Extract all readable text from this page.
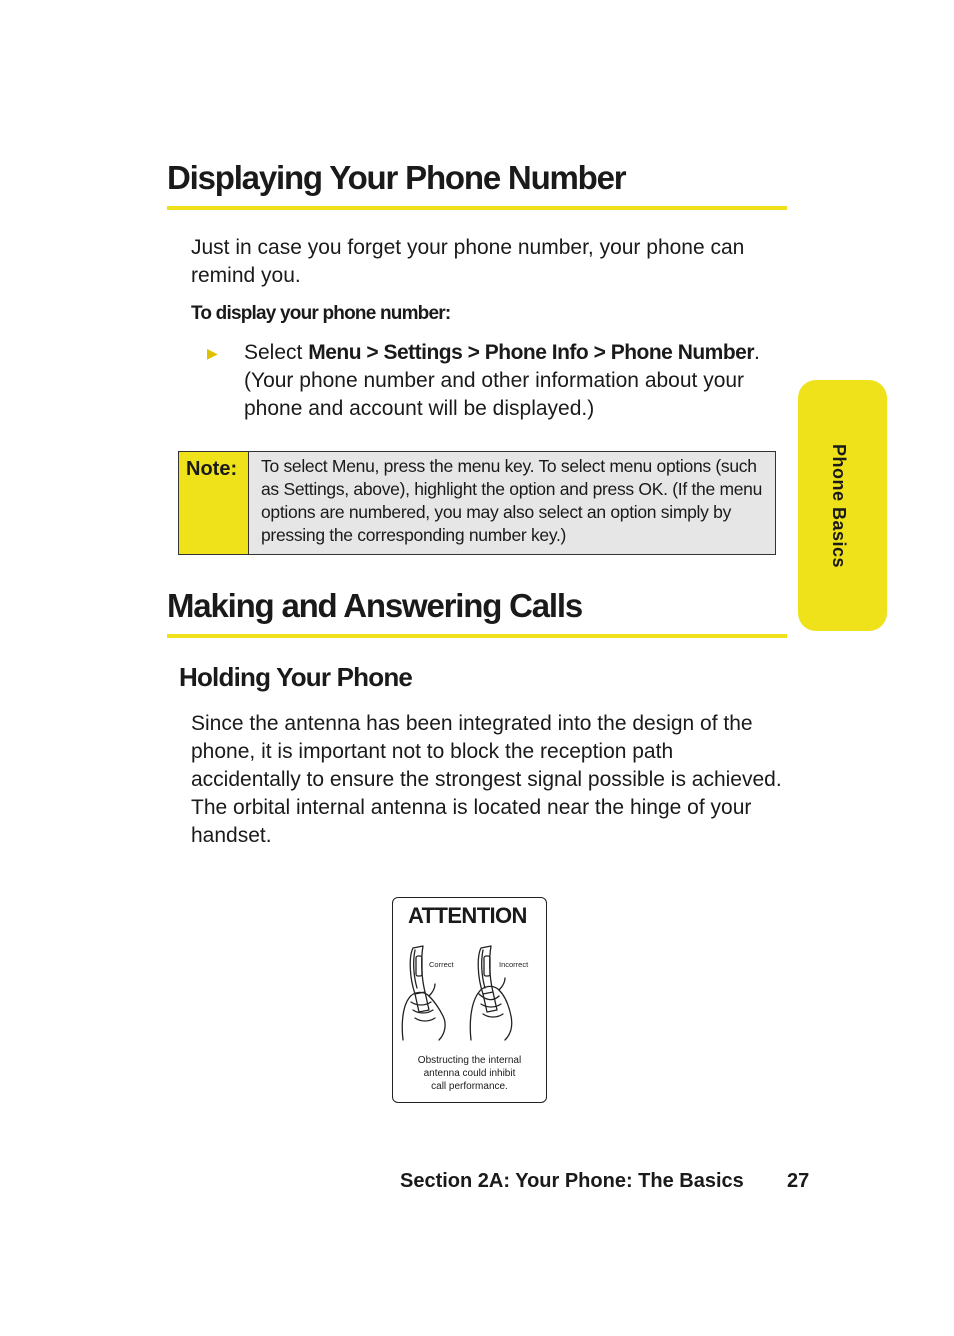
Displaying Your Phone Number

Just in case you forget your phone number, your phone can remind you.

To display your phone number:
▶ Select Menu > Settings > Phone Info > Phone Number. (Your phone number and other information about your phone and account will be displayed.)
Note:	To select Menu, press the menu key. To select menu options (such as Settings, above), highlight the option and press OK. (If the menu options are numbered, you may also select an option simply by pressing the corresponding number key.)
Making and Answering Calls
Holding Your Phone

Since the antenna has been integrated into the design of the phone, it is important not to block the reception path accidentally to ensure the strongest signal possible is achieved. The orbital internal antenna is located near the hinge of your handset.

Phone Basics
ATTENTION
Correct	Incorrect
Obstructing the internal
antenna could inhibit
call performance.
Section 2A: Your Phone: The Basics 27
